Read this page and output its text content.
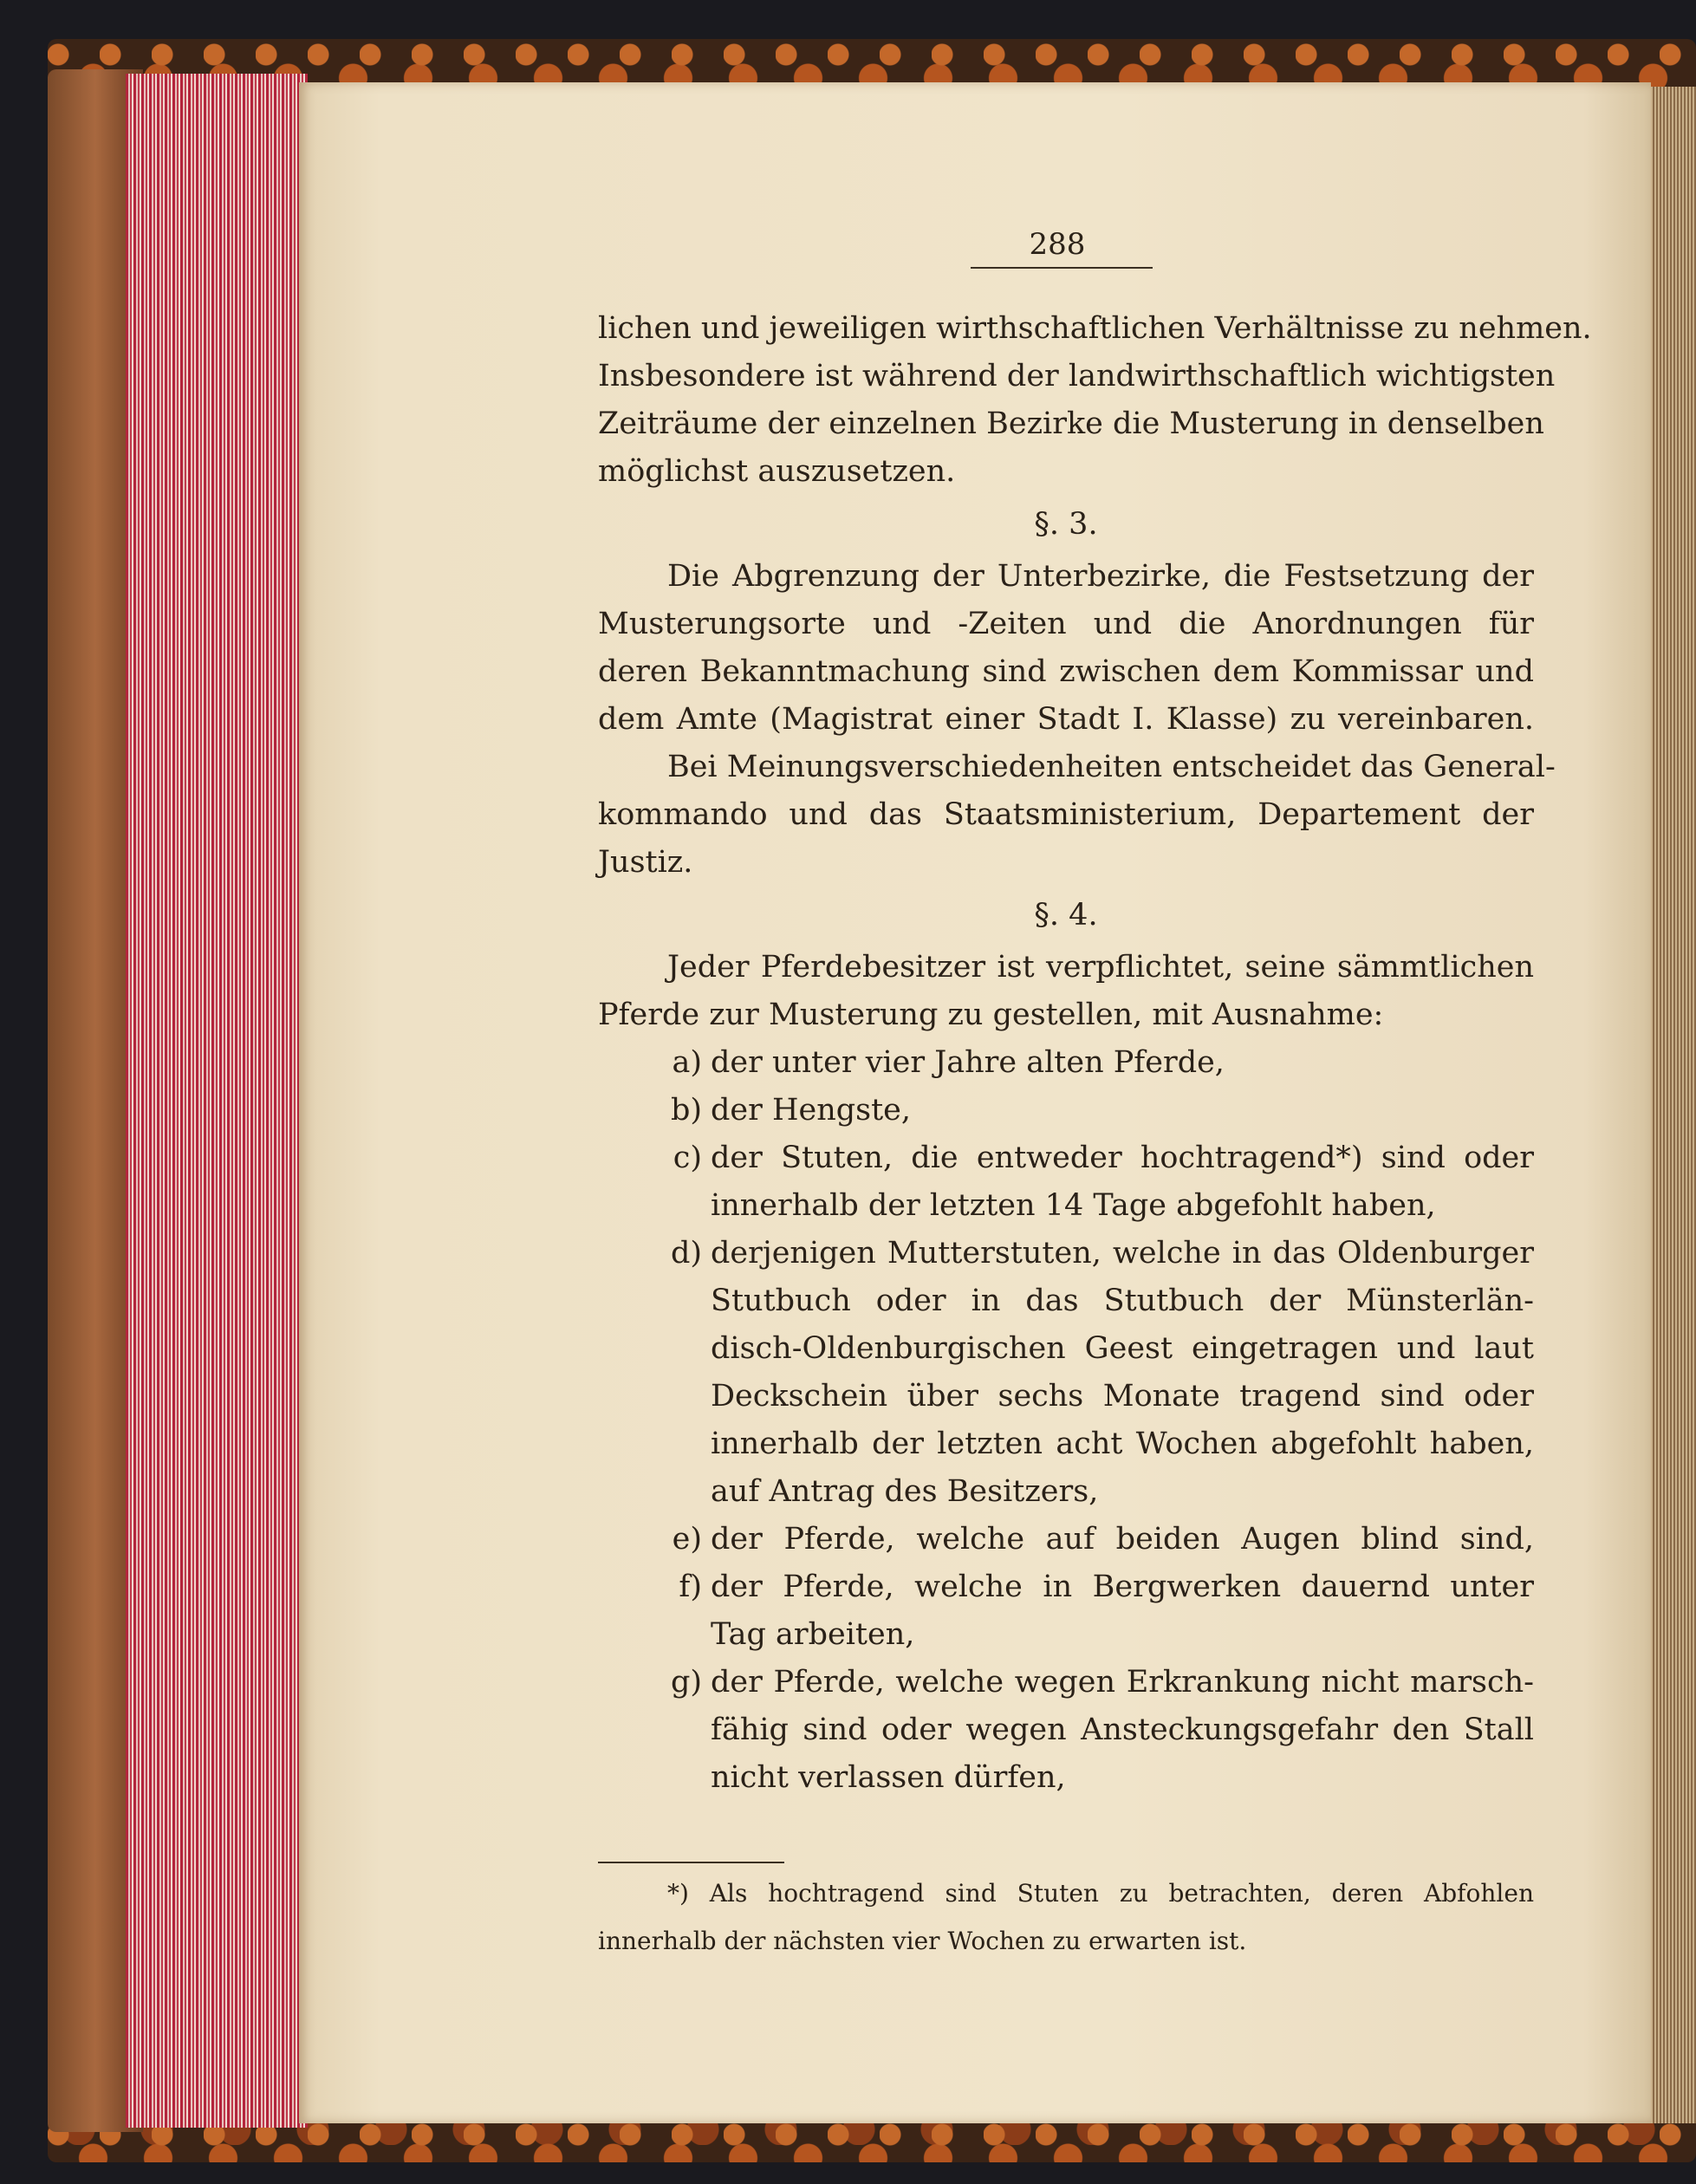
288
lichen und jeweiligen wirthschaftlichen Verhältnisse zu nehmen.
Insbesondere ist während der landwirthschaftlich wichtigsten
Zeiträume der einzelnen Bezirke die Musterung in denselben
möglichst auszusetzen.
§. 3.
Die Abgrenzung der Unterbezirke, die Festsetzung der
Musterungsorte und -Zeiten und die Anordnungen für
deren Bekanntmachung sind zwischen dem Kommissar und
dem Amte (Magistrat einer Stadt I. Klasse) zu vereinbaren.
Bei Meinungsverschiedenheiten entscheidet das General-
kommando und das Staatsministerium, Departement der
Justiz.
§. 4.
Jeder Pferdebesitzer ist verpflichtet, seine sämmtlichen
Pferde zur Musterung zu gestellen, mit Ausnahme:
a) der unter vier Jahre alten Pferde,
b) der Hengste,
c) der Stuten, die entweder hochtragend*) sind oder
innerhalb der letzten 14 Tage abgefohlt haben,
d) derjenigen Mutterstuten, welche in das Oldenburger
Stutbuch oder in das Stutbuch der Münsterlän-
disch-Oldenburgischen Geest eingetragen und laut
Deckschein über sechs Monate tragend sind oder
innerhalb der letzten acht Wochen abgefohlt haben,
auf Antrag des Besitzers,
e) der Pferde, welche auf beiden Augen blind sind,
f) der Pferde, welche in Bergwerken dauernd unter
Tag arbeiten,
g) der Pferde, welche wegen Erkrankung nicht marsch-
fähig sind oder wegen Ansteckungsgefahr den Stall
nicht verlassen dürfen,
*) Als hochtragend sind Stuten zu betrachten, deren Abfohlen
innerhalb der nächsten vier Wochen zu erwarten ist.
